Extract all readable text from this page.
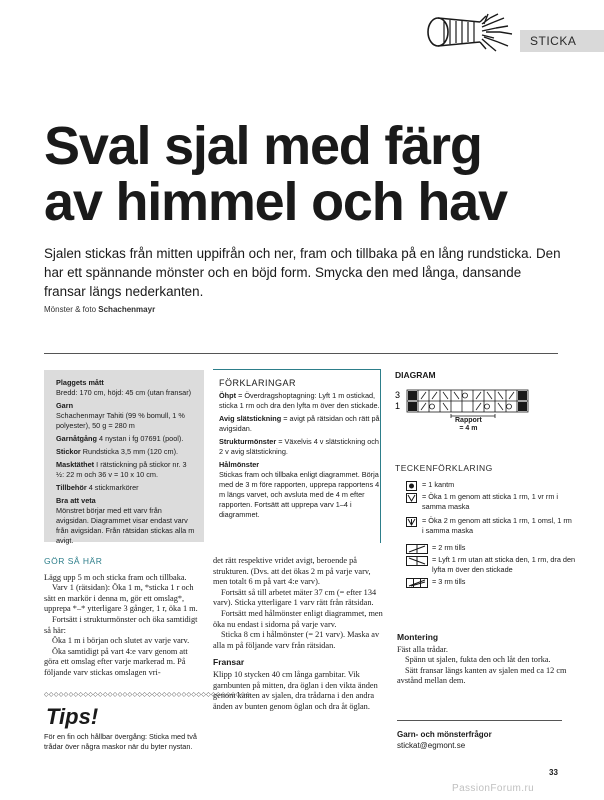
STICKA
Sval sjal med färg
av himmel och hav
Sjalen stickas från mitten uppifrån och ner, fram och tillbaka på en lång rundsticka. Den har ett spännande mönster och en böjd form. Smycka den med långa, dansande fransar längs nederkanten.
Mönster & foto Schachenmayr
Plaggets mått
Bredd: 170 cm, höjd: 45 cm (utan fransar)
Garn
Schachenmayr Tahiti (99 % bomull, 1 % polyester), 50 g = 280 m
Garnåtgång 4 nystan i fg 07691 (pool).
Stickor Rundsticka 3,5 mm (120 cm).
Masktäthet I rätstickning på stickor nr. 3 ½: 22 m och 36 v = 10 x 10 cm.
Tillbehör 4 stickmarkörer
Bra att veta
Mönstret börjar med ett varv från avigsidan. Diagrammet visar endast varv från avigsidan. Från rätsidan stickas alla m avigt.
FÖRKLARINGAR

Öhpt = Överdragshoptagning: Lyft 1 m ostickad, sticka 1 rm och dra den lyfta m över den stickade.

Avig slätstickning = avigt på rätsidan och rätt på avigsidan.

Strukturmönster = Växelvis 4 v slätstickning och 2 v avig slätstickning.

Hålmönster

Stickas fram och tillbaka enligt diagrammet. Börja med de 3 m före rapporten, upprepa rapportens 4 m längs varvet, och avsluta med de 4 m efter rapporten. Fortsätt att upprepa varv 1–4 i diagrammet.

GÖR SÅ HÄR

Lägg upp 5 m och sticka fram och tillbaka.

Varv 1 (rätsidan): Öka 1 m, *sticka 1 r och sätt en markör i denna m, gör ett omslag*, upprepa *–* ytterligare 3 gånger, 1 r, öka 1 m.

Fortsätt i strukturmönster och öka samtidigt så här:

Öka 1 m i början och slutet av varje varv.

Öka samtidigt på vart 4:e varv genom att göra ett omslag efter varje markerad m. På följande varv stickas omslagen vri-

◇◇◇◇◇◇◇◇◇◇◇◇◇◇◇◇◇◇◇◇◇◇◇◇◇◇◇◇◇◇◇◇◇◇◇◇◇◇◇◇◇◇
Tips!
För en fin och hållbar övergång: Sticka med två trådar över några maskor när du byter nystan.

det rätt respektive vridet avigt, beroende på strukturen. (Dvs. att det ökas 2 m på varje varv, men totalt 6 m på vart 4:e varv).

Fortsätt så till arbetet mäter 37 cm (= efter 134 varv). Sticka ytterligare 1 varv rätt från rätsidan.

Fortsätt med hålmönster enligt diagrammet, men öka nu endast i sidorna på varje varv.

Sticka 8 cm i hålmönster (= 21 varv). Maska av alla m på följande varv från rätsidan.

Fransar

Klipp 10 stycken 40 cm långa garnbitar. Vik garnbunten på mitten, dra öglan i den vikta änden genom kanten av sjalen, dra trådarna i den andra änden av bunten genom öglan och dra åt öglan.

DIAGRAM
3
1
Rapport
= 4 m
TECKENFÖRKLARING
= 1 kantm
= Öka 1 m genom att sticka 1 rm, 1 vr rm i samma maska
= Öka 2 m genom att sticka 1 rm, 1 omsl, 1 rm i samma maska
= 2 rm tills
= Lyft 1 rm utan att sticka den, 1 rm, dra den lyfta m över den stickade
= 3 rm tills
Montering

Fäst alla trådar.

Spänn ut sjalen, fukta den och låt den torka.

Sätt fransar längs kanten av sjalen med ca 12 cm avstånd mellan dem.

Garn- och mönsterfrågor
stickat@egmont.se
33
PassionForum.ru
